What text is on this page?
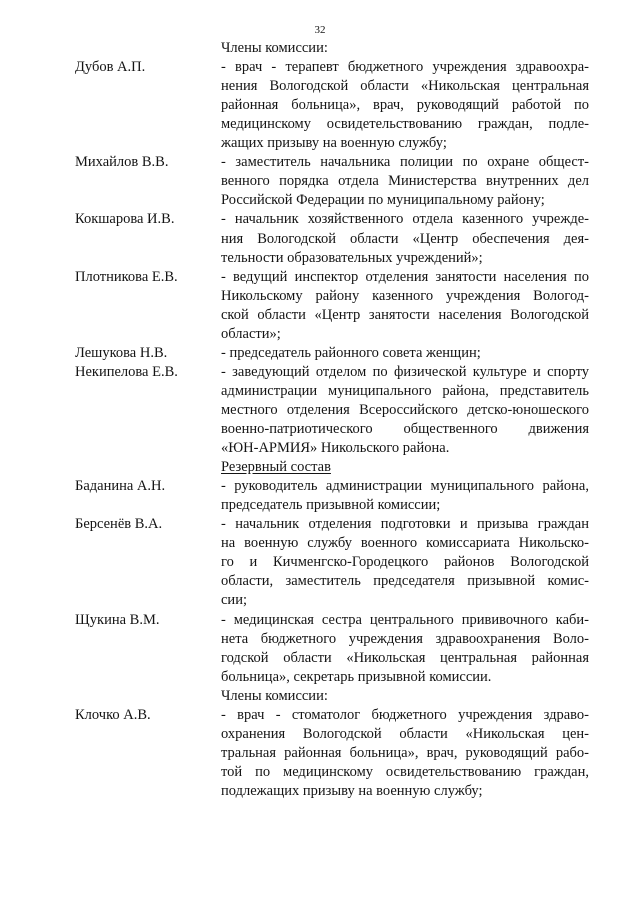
32
Члены комиссии:
Дубов А.П.	- врач - терапевт бюджетного учреждения здравоохра-
нения Вологодской области «Никольская центральная
районная больница», врач, руководящий работой по
медицинскому освидетельствованию граждан, подле-
жащих призыву на военную службу;
Михайлов В.В.	- заместитель начальника полиции по охране общест-
венного порядка отдела Министерства внутренних дел
Российской Федерации по муниципальному району;
Кокшарова И.В.	- начальник хозяйственного отдела казенного учрежде-
ния Вологодской области «Центр обеспечения дея-
тельности образовательных учреждений»;
Плотникова Е.В.	- ведущий инспектор отделения занятости населения по
Никольскому району казенного учреждения Вологод-
ской области «Центр занятости населения Вологодской
области»;
Лешукова Н.В.	- председатель районного совета женщин;
Некипелова Е.В.	- заведующий отделом по физической культуре и спорту
администрации муниципального района, представитель
местного отделения Всероссийского детско-юношеского
военно-патриотического общественного движения
«ЮН-АРМИЯ» Никольского района.
Резервный состав
Баданина А.Н.	- руководитель администрации муниципального района,
председатель призывной комиссии;
Берсенёв В.А.	- начальник отделения подготовки и призыва граждан
на военную службу военного комиссариата Никольско-
го и Кичменгско-Городецкого районов Вологодской
области, заместитель председателя призывной комис-
сии;
Щукина В.М.	- медицинская сестра центрального прививочного каби-
нета бюджетного учреждения здравоохранения Воло-
годской области «Никольская центральная районная
больница», секретарь призывной комиссии.
Члены комиссии:
Клочко А.В.	- врач - стоматолог бюджетного учреждения здраво-
охранения Вологодской области «Никольская цен-
тральная районная больница», врач, руководящий рабо-
той по медицинскому освидетельствованию граждан,
подлежащих призыву на военную службу;
